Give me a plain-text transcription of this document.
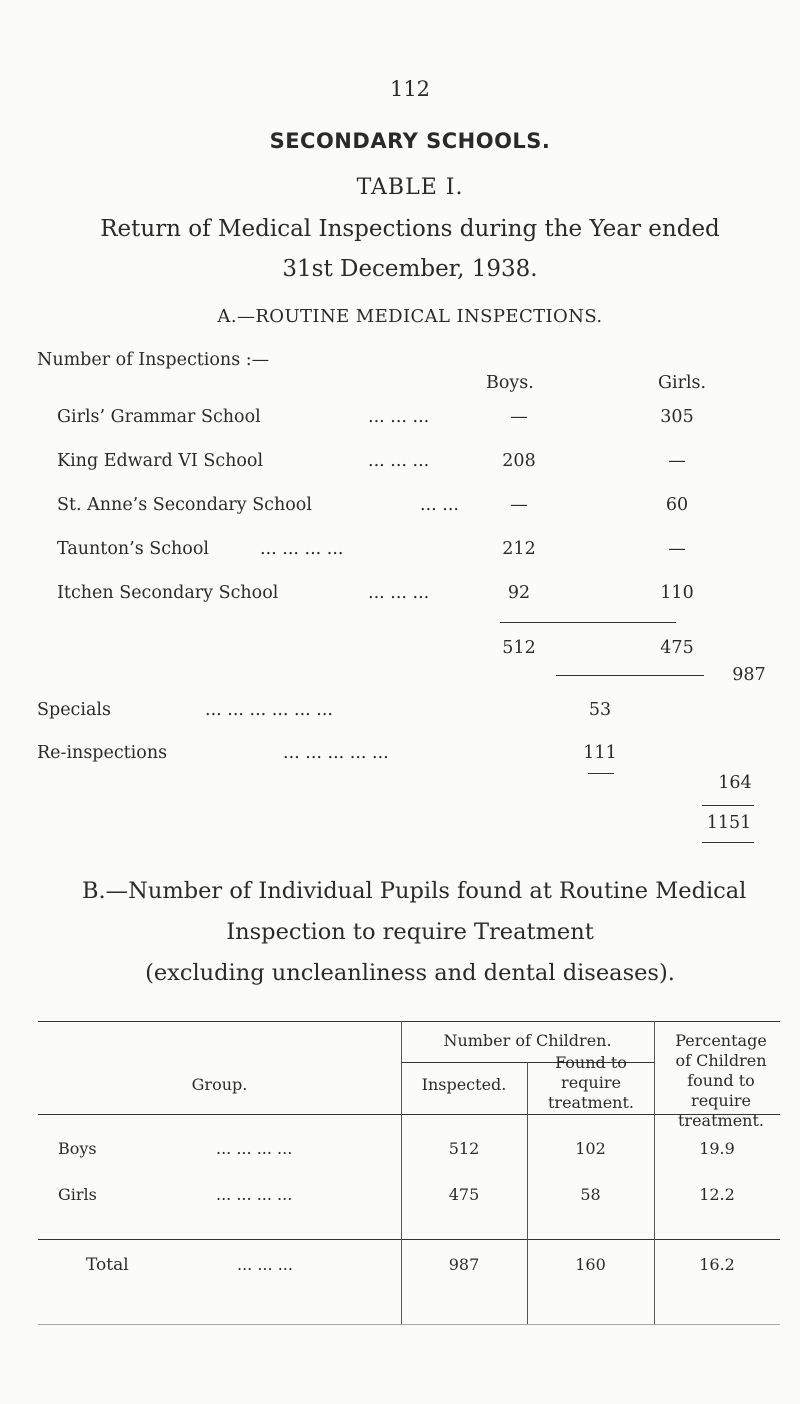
112
SECONDARY SCHOOLS.
TABLE I.
Return of Medical Inspections during the Year ended
31st December, 1938.
A.—ROUTINE MEDICAL INSPECTIONS.
Number of Inspections :—
Boys.	Girls.
Girls’ Grammar School	... ... ...	—	305
King Edward VI School	... ... ...	208	—
St. Anne’s Secondary School	... ...	—	60
Taunton’s School	... ... ... ...	212	—
Itchen Secondary School	... ... ...	92	110
512	475
987
Specials	... ... ... ... ... ...	53
Re-inspections	... ... ... ... ...	111
164
1151
B.—Number of Individual Pupils found at Routine Medical
Inspection to require Treatment
(excluding uncleanliness and dental diseases).
Group.
Number of Children.
Inspected.
Found to require treatment.
Percentage of Children found to require treatment.
Boys	... ... ... ...	512	102	19.9
Girls	... ... ... ...	475	58	12.2
Total	... ... ...	987	160	16.2
